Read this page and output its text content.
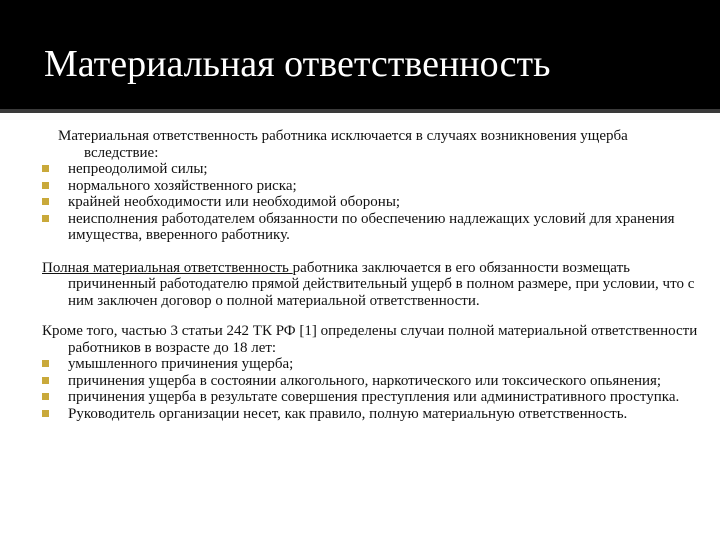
Материальная ответственность

Материальная ответственность работника исключается в случаях возникновения ущерба вследствие:

непреодолимой силы;
нормального хозяйственного риска;
крайней необходимости или необходимой обороны;
неисполнения работодателем обязанности по обеспечению надлежащих условий для хранения имущества, вверенного работнику.

Полная материальная ответственность работника заключается в его обязанности возмещать причиненный работодателю прямой действительный ущерб в полном размере, при условии, что с ним заключен договор о полной материальной ответственности.

Кроме того, частью 3 статьи 242 ТК РФ [1] определены случаи полной материальной ответственности работников в возрасте до 18 лет:

умышленного причинения ущерба;
причинения ущерба в состоянии алкогольного, наркотического или токсического опьянения;
причинения ущерба в результате совершения преступления или административного проступка.
Руководитель организации несет, как правило, полную материальную ответственность.
